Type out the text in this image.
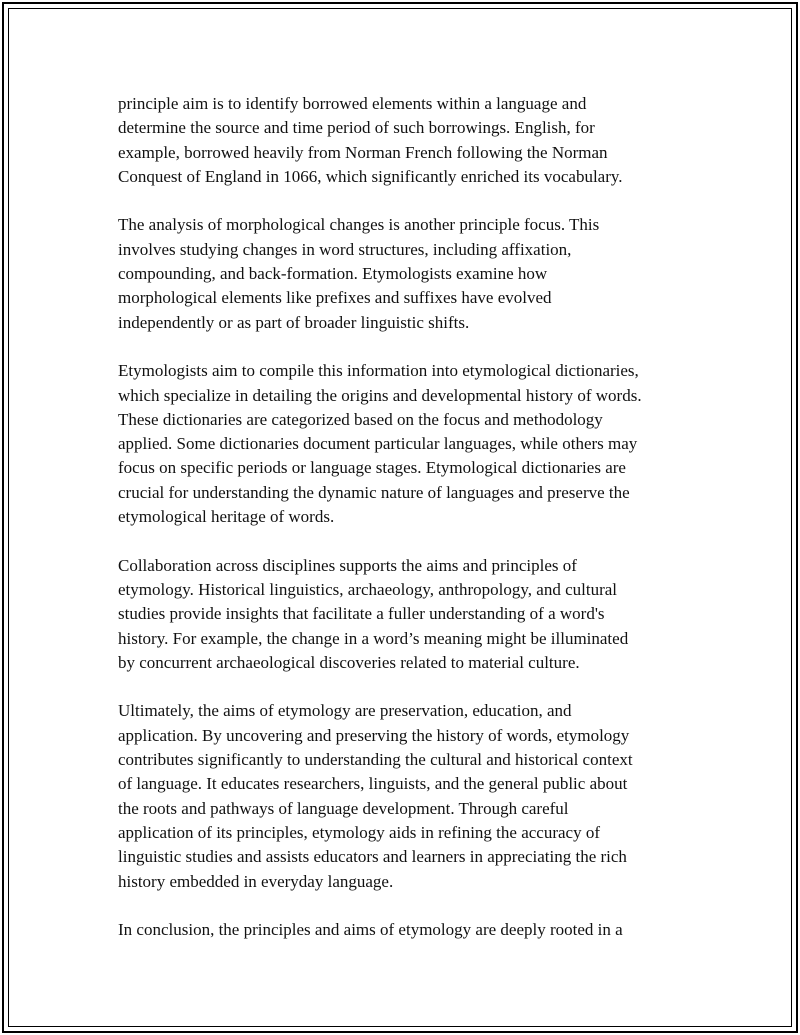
principle aim is to identify borrowed elements within a language and
determine the source and time period of such borrowings. English, for
example, borrowed heavily from Norman French following the Norman
Conquest of England in 1066, which significantly enriched its vocabulary.

The analysis of morphological changes is another principle focus. This
involves studying changes in word structures, including affixation,
compounding, and back-formation. Etymologists examine how
morphological elements like prefixes and suffixes have evolved
independently or as part of broader linguistic shifts.

Etymologists aim to compile this information into etymological dictionaries,
which specialize in detailing the origins and developmental history of words.
These dictionaries are categorized based on the focus and methodology
applied. Some dictionaries document particular languages, while others may
focus on specific periods or language stages. Etymological dictionaries are
crucial for understanding the dynamic nature of languages and preserve the
etymological heritage of words.

Collaboration across disciplines supports the aims and principles of
etymology. Historical linguistics, archaeology, anthropology, and cultural
studies provide insights that facilitate a fuller understanding of a word's
history. For example, the change in a word’s meaning might be illuminated
by concurrent archaeological discoveries related to material culture.

Ultimately, the aims of etymology are preservation, education, and
application. By uncovering and preserving the history of words, etymology
contributes significantly to understanding the cultural and historical context
of language. It educates researchers, linguists, and the general public about
the roots and pathways of language development. Through careful
application of its principles, etymology aids in refining the accuracy of
linguistic studies and assists educators and learners in appreciating the rich
history embedded in everyday language.

In conclusion, the principles and aims of etymology are deeply rooted in a
